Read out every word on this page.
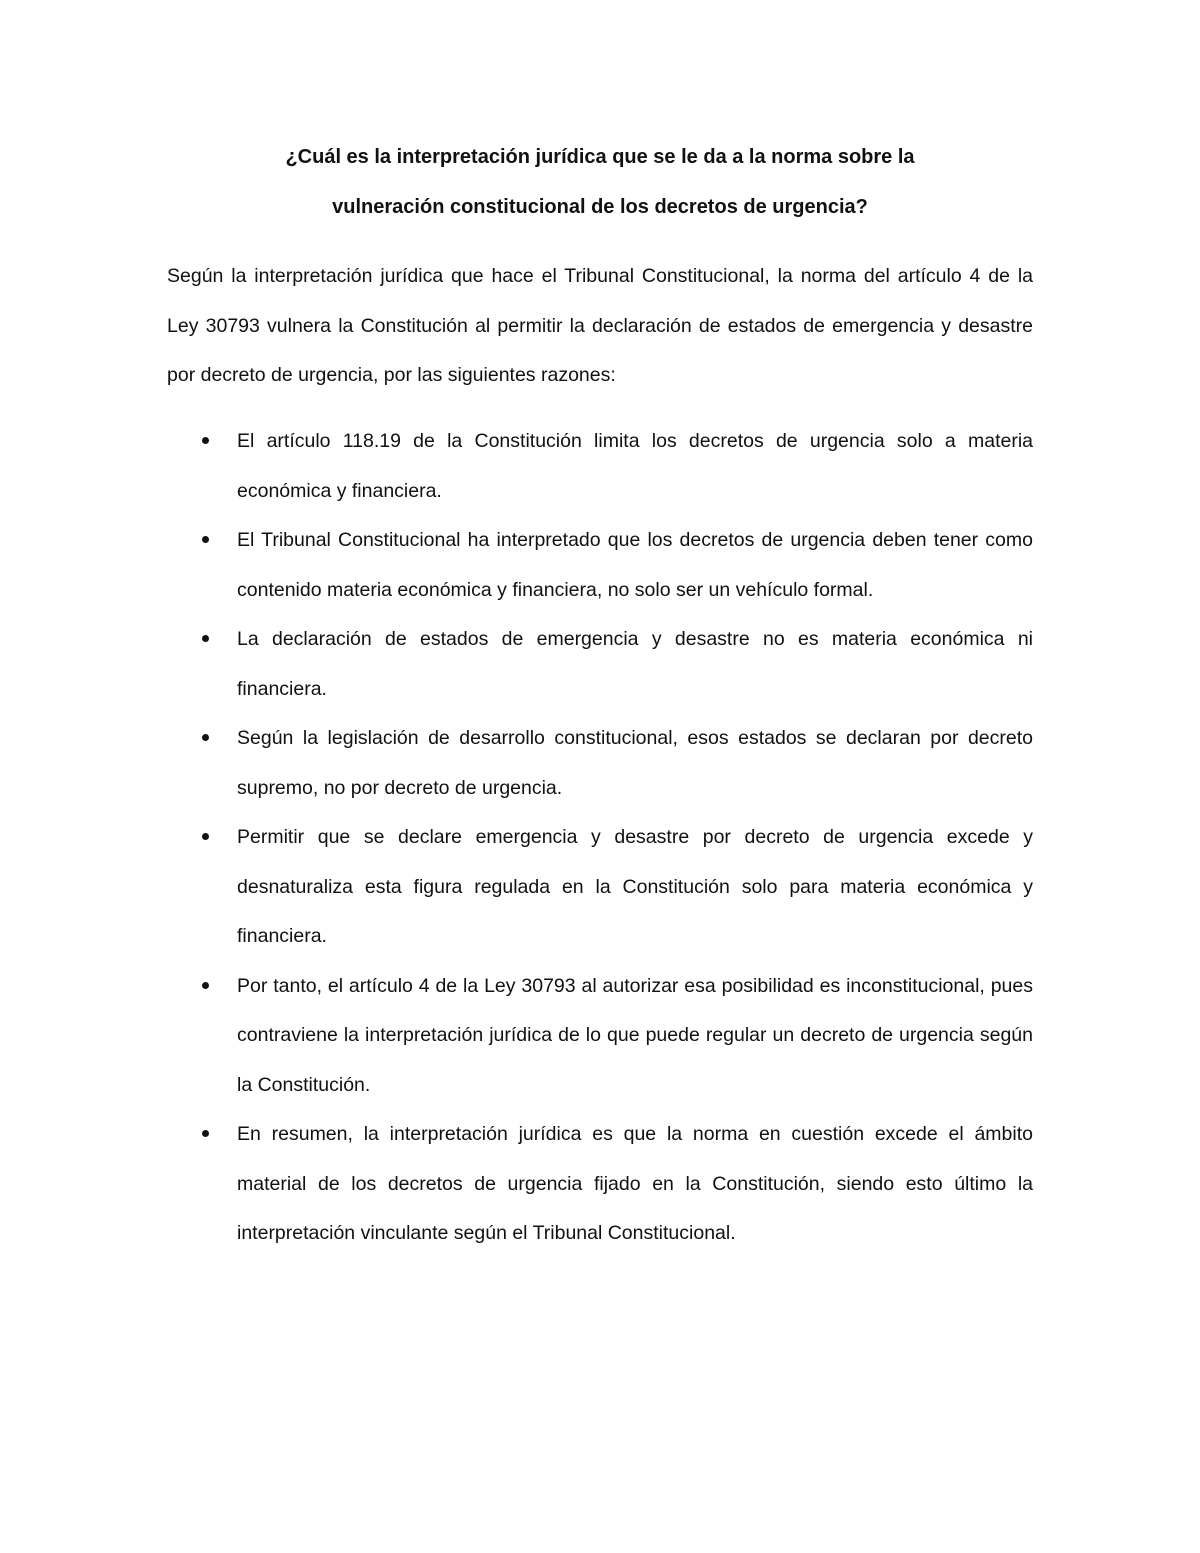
¿Cuál es la interpretación jurídica que se le da a la norma sobre la
vulneración constitucional de los decretos de urgencia?

Según la interpretación jurídica que hace el Tribunal Constitucional, la norma del artículo 4 de la Ley 30793 vulnera la Constitución al permitir la declaración de estados de emergencia y desastre por decreto de urgencia, por las siguientes razones:

El artículo 118.19 de la Constitución limita los decretos de urgencia solo a materia económica y financiera.
El Tribunal Constitucional ha interpretado que los decretos de urgencia deben tener como contenido materia económica y financiera, no solo ser un vehículo formal.
La declaración de estados de emergencia y desastre no es materia económica ni financiera.
Según la legislación de desarrollo constitucional, esos estados se declaran por decreto supremo, no por decreto de urgencia.
Permitir que se declare emergencia y desastre por decreto de urgencia excede y desnaturaliza esta figura regulada en la Constitución solo para materia económica y financiera.
Por tanto, el artículo 4 de la Ley 30793 al autorizar esa posibilidad es inconstitucional, pues contraviene la interpretación jurídica de lo que puede regular un decreto de urgencia según la Constitución.
En resumen, la interpretación jurídica es que la norma en cuestión excede el ámbito material de los decretos de urgencia fijado en la Constitución, siendo esto último la interpretación vinculante según el Tribunal Constitucional.
